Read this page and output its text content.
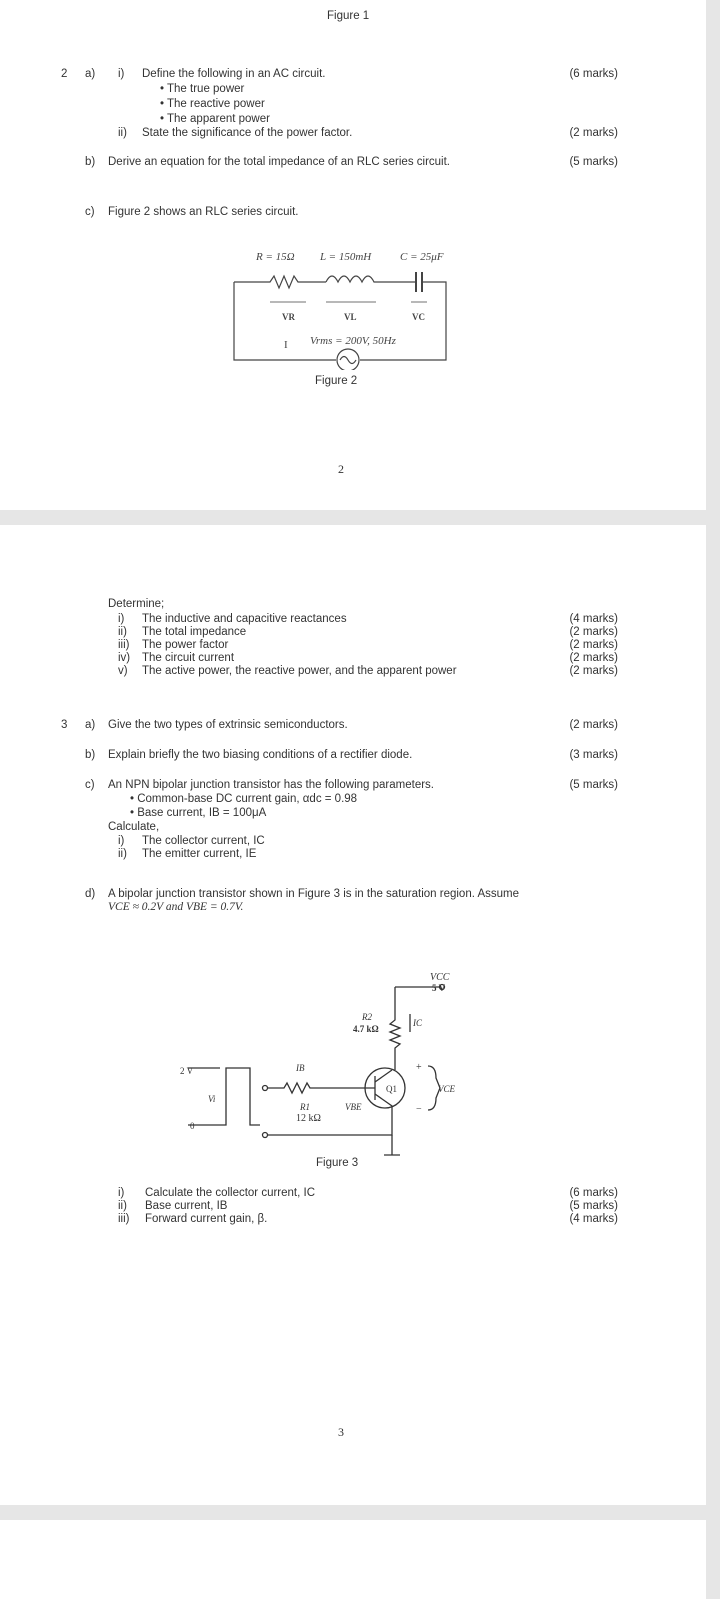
Figure 1
2 a) i) Define the following in an AC circuit.	(6 marks)
• The true power
• The reactive power
• The apparent power
ii) State the significance of the power factor.	(2 marks)
b) Derive an equation for the total impedance of an RLC series circuit.	(5 marks)
c) Figure 2 shows an RLC series circuit.
R = 15Ω L = 150mH	C = 25μF
VR	VL	VC
I Vrms = 200V, 50Hz
Figure 2
2
Determine;
i) The inductive and capacitive reactances	(4 marks)
ii) The total impedance	(2 marks)
iii) The power factor	(2 marks)
iv) The circuit current	(2 marks)
v) The active power, the reactive power, and the apparent power	(2 marks)
3 a) Give the two types of extrinsic semiconductors.	(2 marks)
b) Explain briefly the two biasing conditions of a rectifier diode.	(3 marks)
c) An NPN bipolar junction transistor has the following parameters.	(5 marks)
• Common-base DC current gain, αdc = 0.98
• Base current, IB = 100μA
Calculate,
i) The collector current, IC
ii) The emitter current, IE
d) A bipolar junction transistor shown in Figure 3 is in the saturation region. Assume
VCE ≈ 0.2V and VBE = 0.7V.
VCC
5 V
R2
4.7 kΩ
IC
IB
Q1	VCE
VBE
R1
12 kΩ
2 V
0
Vi
+
−
Figure 3
i) Calculate the collector current, IC	(6 marks)
ii) Base current, IB	(5 marks)
iii) Forward current gain, β.	(4 marks)
3
